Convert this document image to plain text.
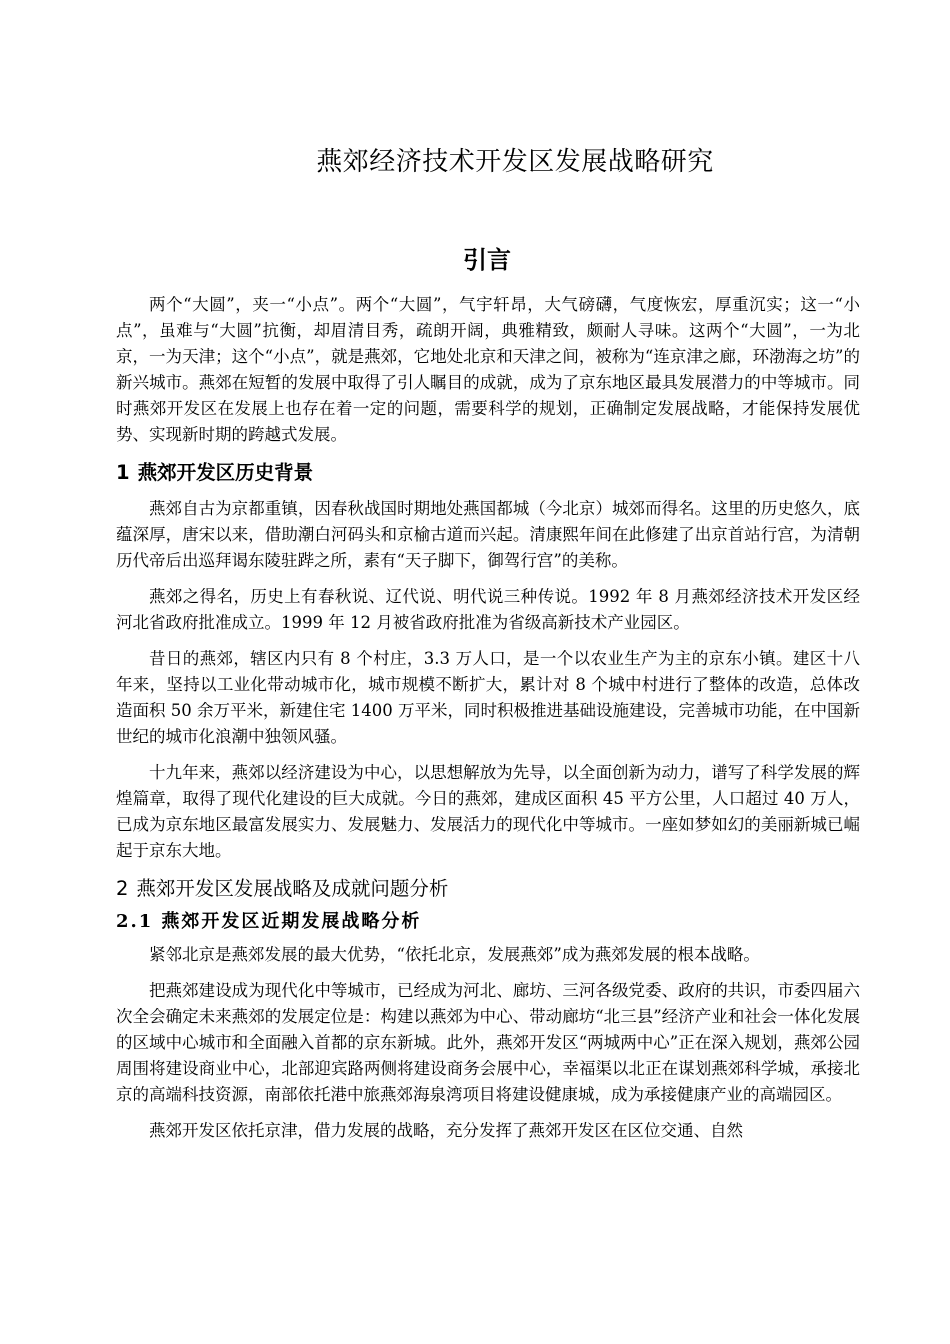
燕郊经济技术开发区发展战略研究
引言

两个“大圆”，夹一“小点”。两个“大圆”，气宇轩昂，大气磅礴，气度恢宏，厚重沉实；这一“小点”，虽难与“大圆”抗衡，却眉清目秀，疏朗开阔，典雅精致，颇耐人寻味。这两个“大圆”，一为北京，一为天津；这个“小点”，就是燕郊，它地处北京和天津之间，被称为“连京津之廊，环渤海之坊”的新兴城市。燕郊在短暂的发展中取得了引人瞩目的成就，成为了京东地区最具发展潜力的中等城市。同时燕郊开发区在发展上也存在着一定的问题，需要科学的规划，正确制定发展战略，才能保持发展优势、实现新时期的跨越式发展。

1 燕郊开发区历史背景

燕郊自古为京都重镇，因春秋战国时期地处燕国都城（今北京）城郊而得名。这里的历史悠久，底蕴深厚，唐宋以来，借助潮白河码头和京榆古道而兴起。清康熙年间在此修建了出京首站行宫，为清朝历代帝后出巡拜谒东陵驻跸之所，素有“天子脚下，御驾行宫”的美称。

燕郊之得名，历史上有春秋说、辽代说、明代说三种传说。1992 年 8 月燕郊经济技术开发区经河北省政府批准成立。1999 年 12 月被省政府批准为省级高新技术产业园区。

昔日的燕郊，辖区内只有 8 个村庄，3.3 万人口，是一个以农业生产为主的京东小镇。建区十八年来，坚持以工业化带动城市化，城市规模不断扩大，累计对 8 个城中村进行了整体的改造，总体改造面积 50 余万平米，新建住宅 1400 万平米，同时积极推进基础设施建设，完善城市功能，在中国新世纪的城市化浪潮中独领风骚。

十九年来，燕郊以经济建设为中心，以思想解放为先导，以全面创新为动力，谱写了科学发展的辉煌篇章，取得了现代化建设的巨大成就。今日的燕郊，建成区面积 45 平方公里，人口超过 40 万人，已成为京东地区最富发展实力、发展魅力、发展活力的现代化中等城市。一座如梦如幻的美丽新城已崛起于京东大地。

2 燕郊开发区发展战略及成就问题分析
2.1 燕郊开发区近期发展战略分析

紧邻北京是燕郊发展的最大优势，“依托北京，发展燕郊”成为燕郊发展的根本战略。

把燕郊建设成为现代化中等城市，已经成为河北、廊坊、三河各级党委、政府的共识，市委四届六次全会确定未来燕郊的发展定位是：构建以燕郊为中心、带动廊坊“北三县”经济产业和社会一体化发展的区域中心城市和全面融入首都的京东新城。此外，燕郊开发区“两城两中心”正在深入规划，燕郊公园周围将建设商业中心，北部迎宾路两侧将建设商务会展中心，幸福渠以北正在谋划燕郊科学城，承接北京的高端科技资源，南部依托港中旅燕郊海泉湾项目将建设健康城，成为承接健康产业的高端园区。

燕郊开发区依托京津，借力发展的战略，充分发挥了燕郊开发区在区位交通、自然
